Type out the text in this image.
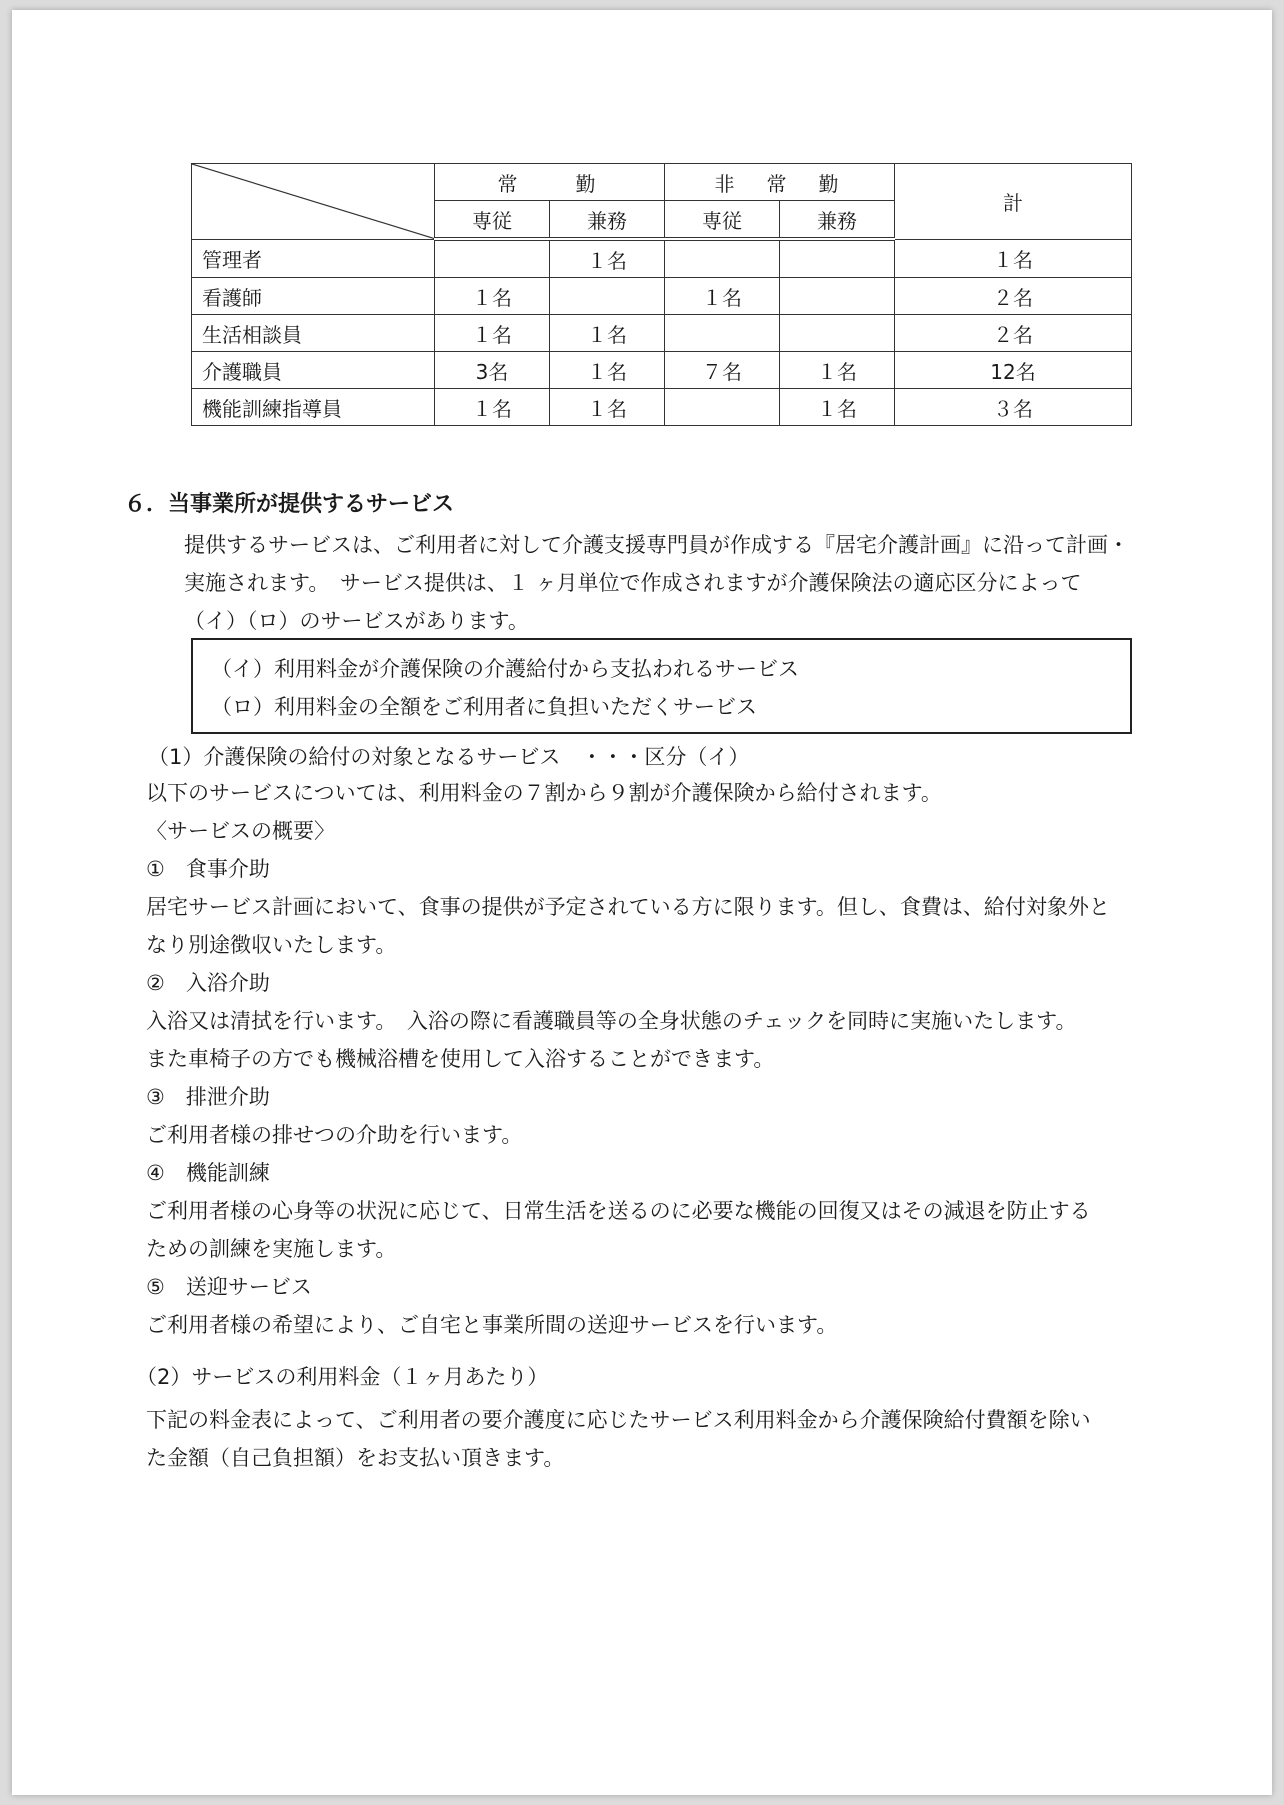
	常　　勤		非　常　勤		計
	専従	兼務	専従	兼務	
管理者		１名			１名
看護師	１名		１名		２名
生活相談員	１名	１名			２名
介護職員	3名	１名	７名	１名	12名
機能訓練指導員	１名	１名		１名	３名
６．当事業所が提供するサービス
提供するサービスは、ご利用者に対して介護支援専門員が作成する『居宅介護計画』に沿って計画・
実施されます。　サービス提供は、１ ヶ月単位で作成されますが介護保険法の適応区分によって
（イ）（ロ）のサービスがあります。
（イ）利用料金が介護保険の介護給付から支払われるサービス
（ロ）利用料金の全額をご利用者に負担いただくサービス
（1）介護保険の給付の対象となるサービス　・・・区分（イ）
以下のサービスについては、利用料金の７割から９割が介護保険から給付されます。
〈サービスの概要〉
①　食事介助
居宅サービス計画において、食事の提供が予定されている方に限ります。但し、食費は、給付対象外と
なり別途徴収いたします。
②　入浴介助
入浴又は清拭を行います。　入浴の際に看護職員等の全身状態のチェックを同時に実施いたします。
また車椅子の方でも機械浴槽を使用して入浴することができます。
③　排泄介助
ご利用者様の排せつの介助を行います。
④　機能訓練
ご利用者様の心身等の状況に応じて、日常生活を送るのに必要な機能の回復又はその減退を防止する
ための訓練を実施します。
⑤　送迎サービス
ご利用者様の希望により、ご自宅と事業所間の送迎サービスを行います。
（2）サービスの利用料金（１ヶ月あたり）
下記の料金表によって、ご利用者の要介護度に応じたサービス利用料金から介護保険給付費額を除い
た金額（自己負担額）をお支払い頂きます。
